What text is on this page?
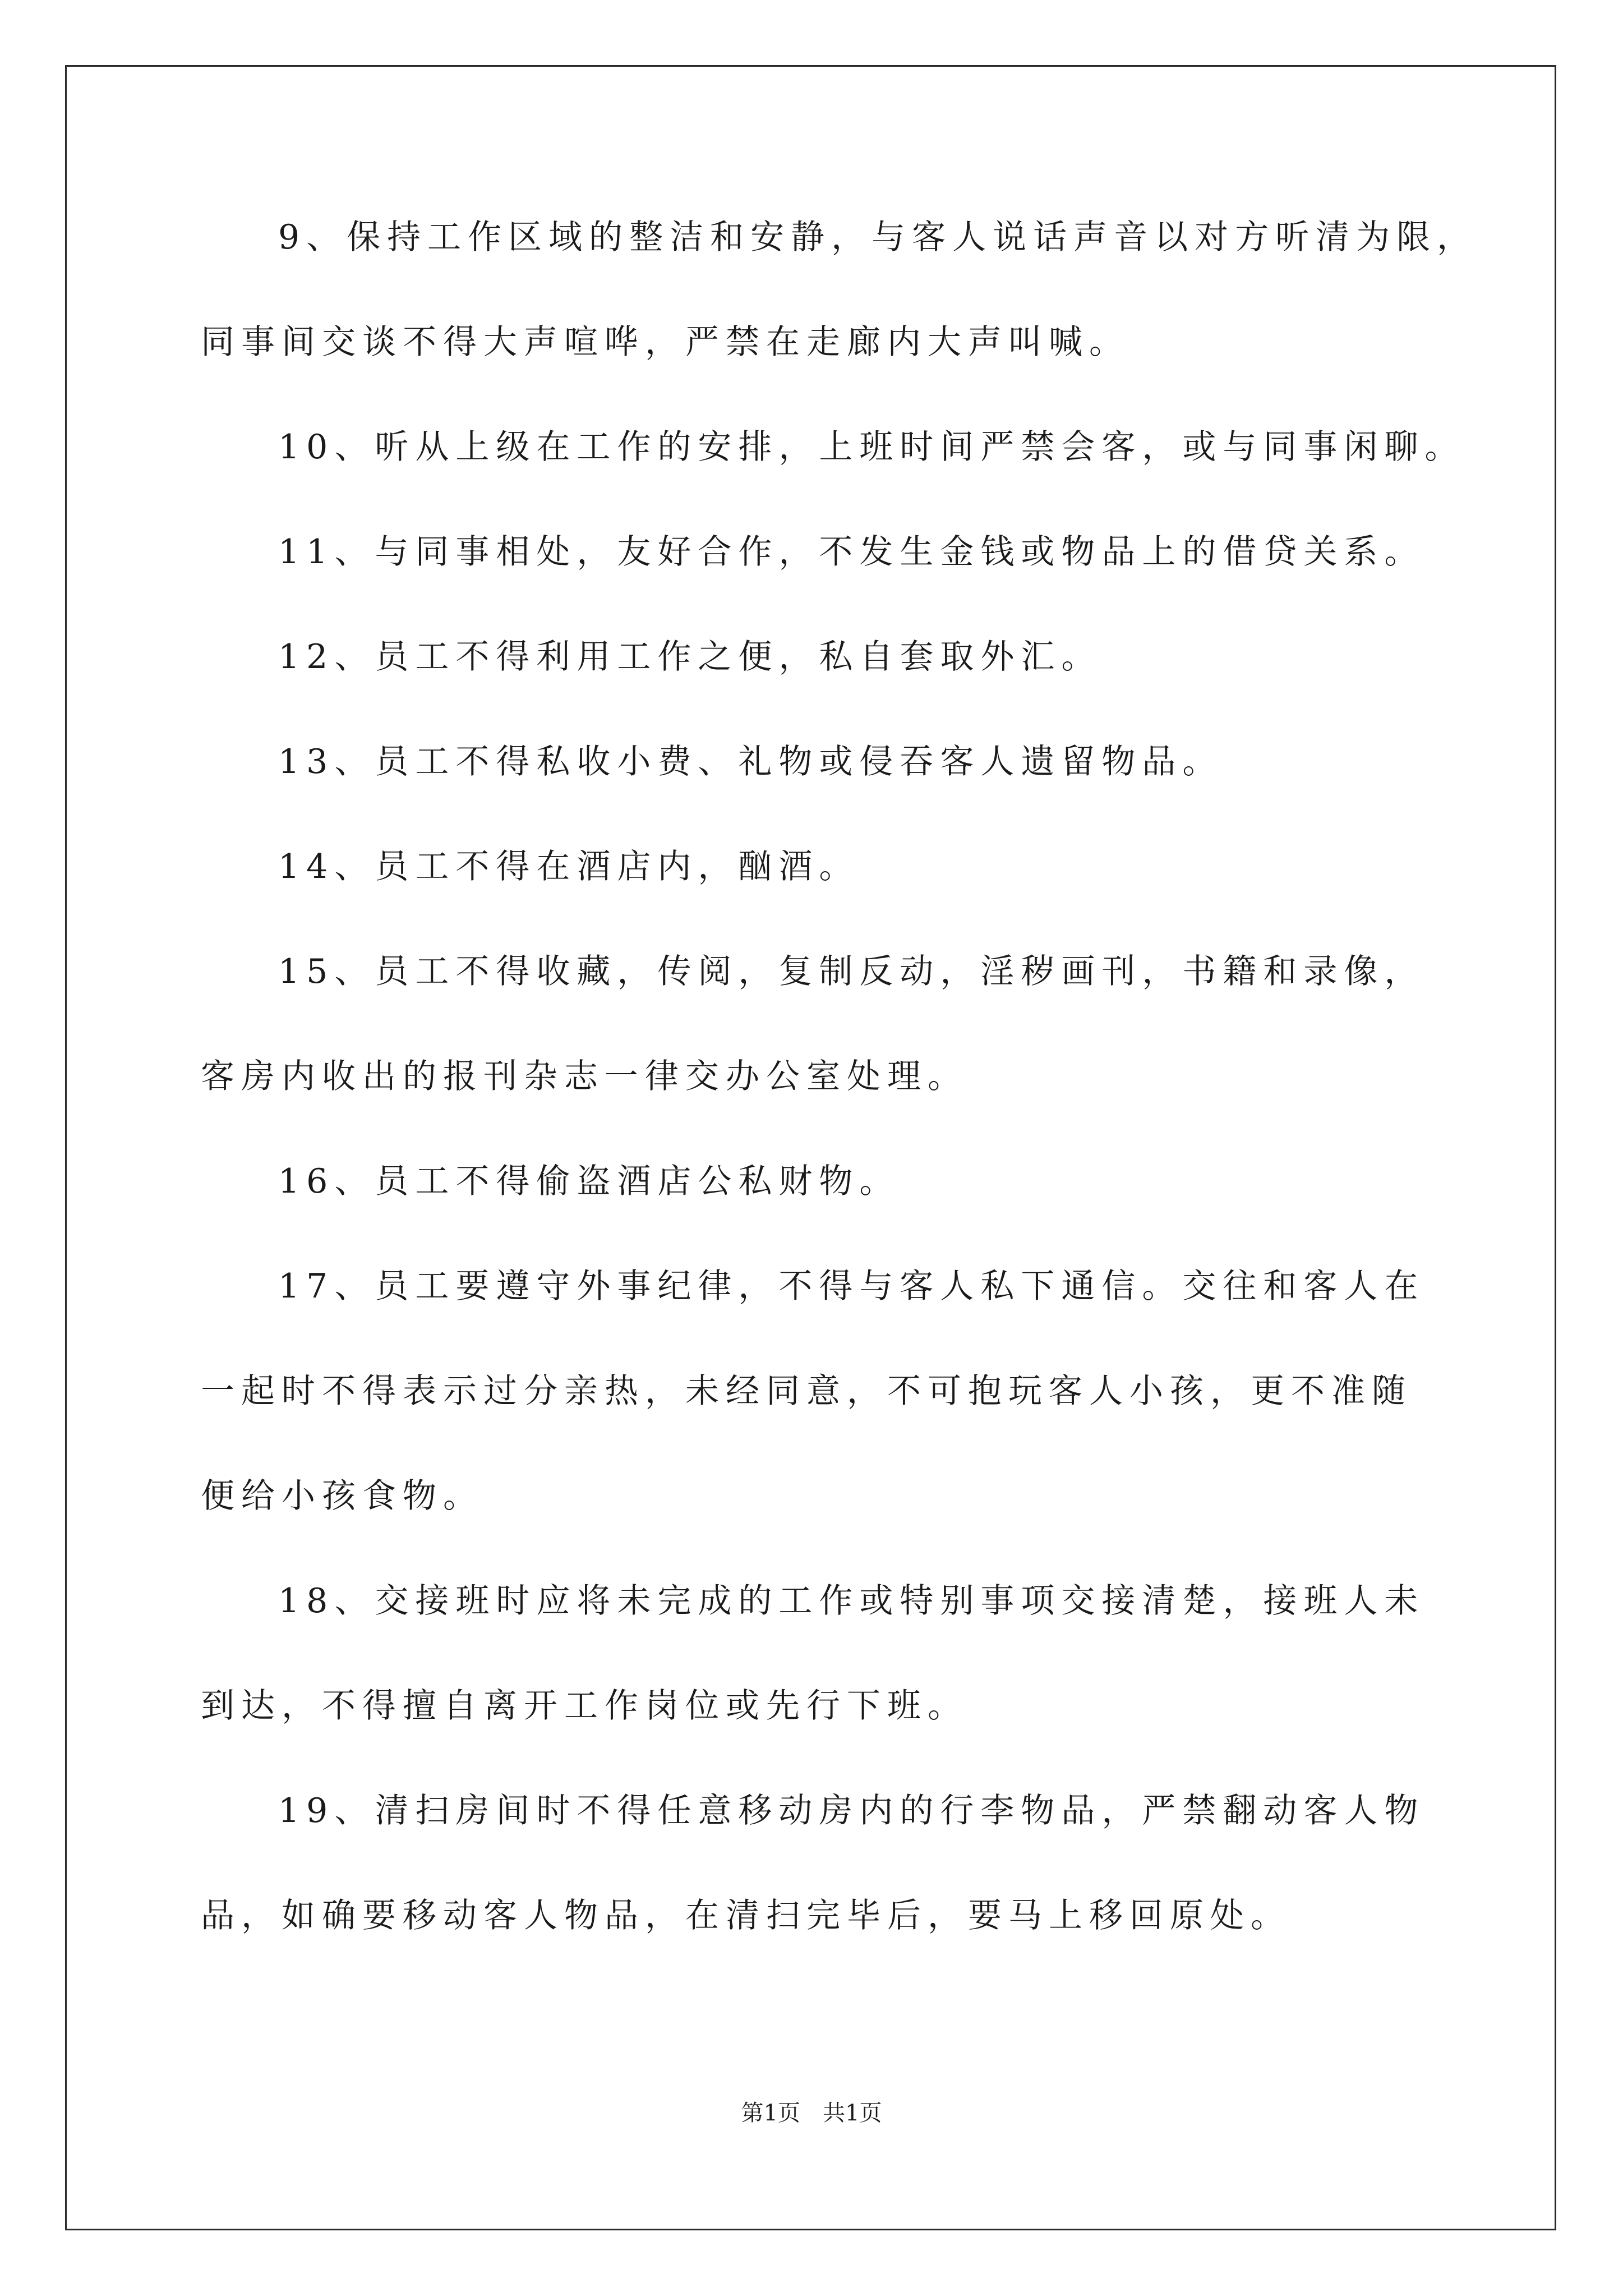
9、保持工作区域的整洁和安静，与客人说话声音以对方听清为限，
同事间交谈不得大声喧哗，严禁在走廊内大声叫喊。
10、听从上级在工作的安排，上班时间严禁会客，或与同事闲聊。
11、与同事相处，友好合作，不发生金钱或物品上的借贷关系。
12、员工不得利用工作之便，私自套取外汇。
13、员工不得私收小费、礼物或侵吞客人遗留物品。
14、员工不得在酒店内，酗酒。
15、员工不得收藏，传阅，复制反动，淫秽画刊，书籍和录像，
客房内收出的报刊杂志一律交办公室处理。
16、员工不得偷盗酒店公私财物。
17、员工要遵守外事纪律，不得与客人私下通信。交往和客人在
一起时不得表示过分亲热，未经同意，不可抱玩客人小孩，更不准随
便给小孩食物。
18、交接班时应将未完成的工作或特别事项交接清楚，接班人未
到达，不得擅自离开工作岗位或先行下班。
19、清扫房间时不得任意移动房内的行李物品，严禁翻动客人物
品，如确要移动客人物品，在清扫完毕后，要马上移回原处。
第1页 共1页
